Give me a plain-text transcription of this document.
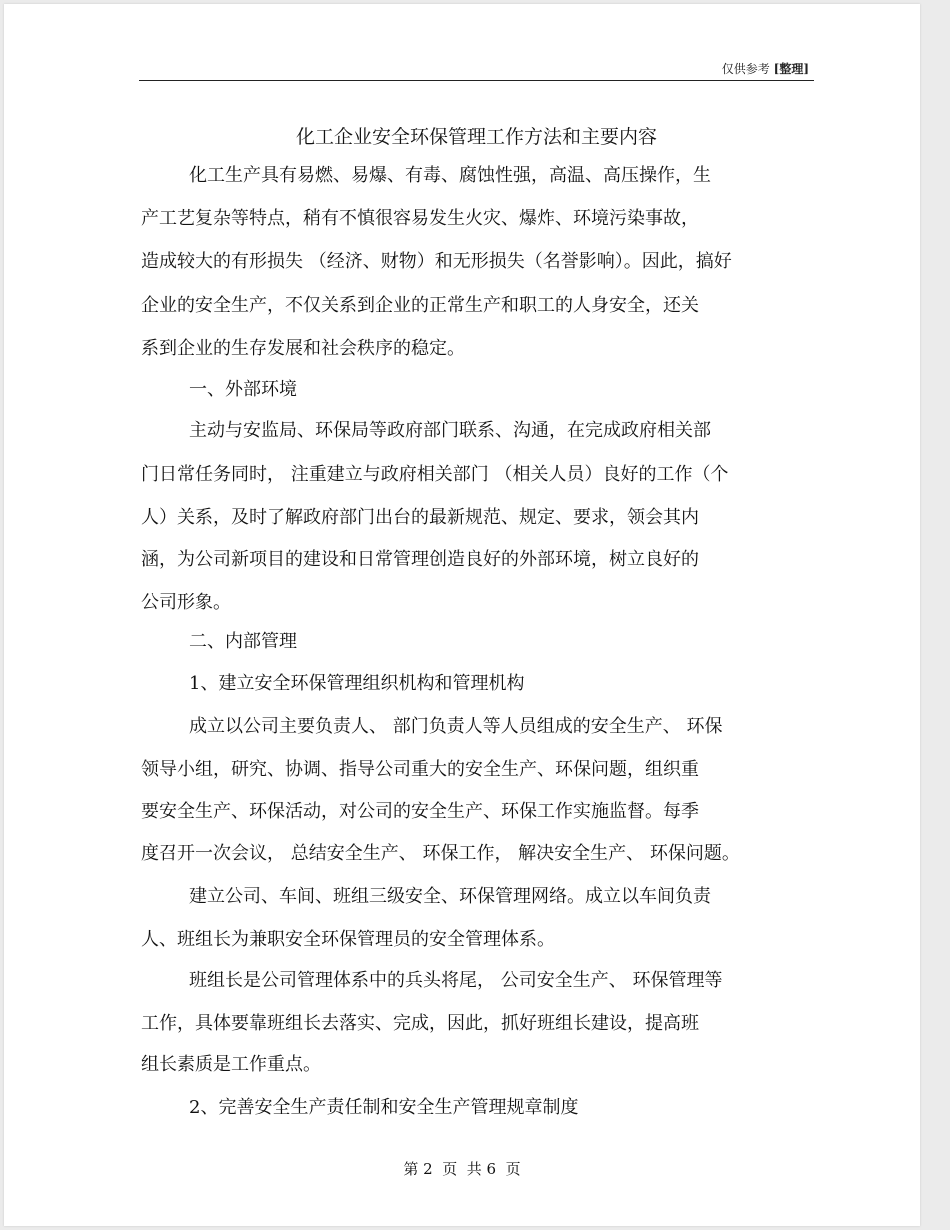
仅供参考 [整理]
化工企业安全环保管理工作方法和主要内容
化工生产具有易燃、易爆、有毒、腐蚀性强，高温、高压操作，生
产工艺复杂等特点，稍有不慎很容易发生火灾、爆炸、环境污染事故，
造成较大的有形损失 （经济、财物）和无形损失（名誉影响）。因此，搞好
企业的安全生产，不仅关系到企业的正常生产和职工的人身安全，还关
系到企业的生存发展和社会秩序的稳定。
一、外部环境
主动与安监局、环保局等政府部门联系、沟通，在完成政府相关部
门日常任务同时， 注重建立与政府相关部门 （相关人员）良好的工作（个
人）关系，及时了解政府部门出台的最新规范、规定、要求，领会其内
涵，为公司新项目的建设和日常管理创造良好的外部环境，树立良好的
公司形象。
二、内部管理
1、建立安全环保管理组织机构和管理机构
成立以公司主要负责人、 部门负责人等人员组成的安全生产、 环保
领导小组，研究、协调、指导公司重大的安全生产、环保问题，组织重
要安全生产、环保活动，对公司的安全生产、环保工作实施监督。每季
度召开一次会议， 总结安全生产、 环保工作， 解决安全生产、 环保问题。
建立公司、车间、班组三级安全、环保管理网络。成立以车间负责
人、班组长为兼职安全环保管理员的安全管理体系。
班组长是公司管理体系中的兵头将尾， 公司安全生产、 环保管理等
工作，具体要靠班组长去落实、完成，因此，抓好班组长建设，提高班
组长素质是工作重点。
2、完善安全生产责任制和安全生产管理规章制度
第 2  页  共 6  页
